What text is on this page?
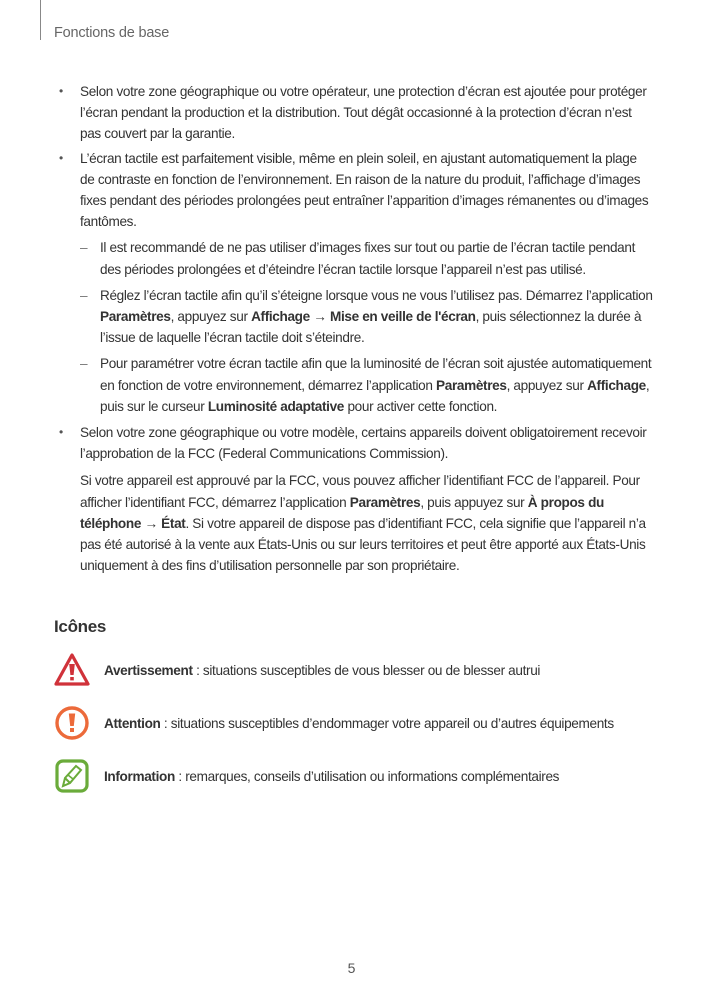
Fonctions de base
• Selon votre zone géographique ou votre opérateur, une protection d’écran est ajoutée pour protéger l’écran pendant la production et la distribution. Tout dégât occasionné à la protection d’écran n’est pas couvert par la garantie.

• L’écran tactile est parfaitement visible, même en plein soleil, en ajustant automatiquement la plage de contraste en fonction de l’environnement. En raison de la nature du produit, l’affichage d’images fixes pendant des périodes prolongées peut entraîner l’apparition d’images rémanentes ou d’images fantômes.

– Il est recommandé de ne pas utiliser d’images fixes sur tout ou partie de l’écran tactile pendant des périodes prolongées et d’éteindre l’écran tactile lorsque l’appareil n’est pas utilisé.
– Réglez l’écran tactile afin qu’il s’éteigne lorsque vous ne vous l’utilisez pas. Démarrez l’application Paramètres, appuyez sur Affichage → Mise en veille de l'écran, puis sélectionnez la durée à l’issue de laquelle l’écran tactile doit s’éteindre.
– Pour paramétrer votre écran tactile afin que la luminosité de l’écran soit ajustée automatiquement en fonction de votre environnement, démarrez l’application Paramètres, appuyez sur Affichage, puis sur le curseur Luminosité adaptative pour activer cette fonction.
• Selon votre zone géographique ou votre modèle, certains appareils doivent obligatoirement recevoir l’approbation de la FCC (Federal Communications Commission).

Si votre appareil est approuvé par la FCC, vous pouvez afficher l’identifiant FCC de l’appareil. Pour afficher l’identifiant FCC, démarrez l’application Paramètres, puis appuyez sur À propos du téléphone → État. Si votre appareil de dispose pas d’identifiant FCC, cela signifie que l’appareil n’a pas été autorisé à la vente aux États-Unis ou sur leurs territoires et peut être apporté aux États-Unis uniquement à des fins d’utilisation personnelle par son propriétaire.

Icônes
Avertissement : situations susceptibles de vous blesser ou de blesser autrui
Attention : situations susceptibles d’endommager votre appareil ou d’autres équipements
Information : remarques, conseils d’utilisation ou informations complémentaires
5
